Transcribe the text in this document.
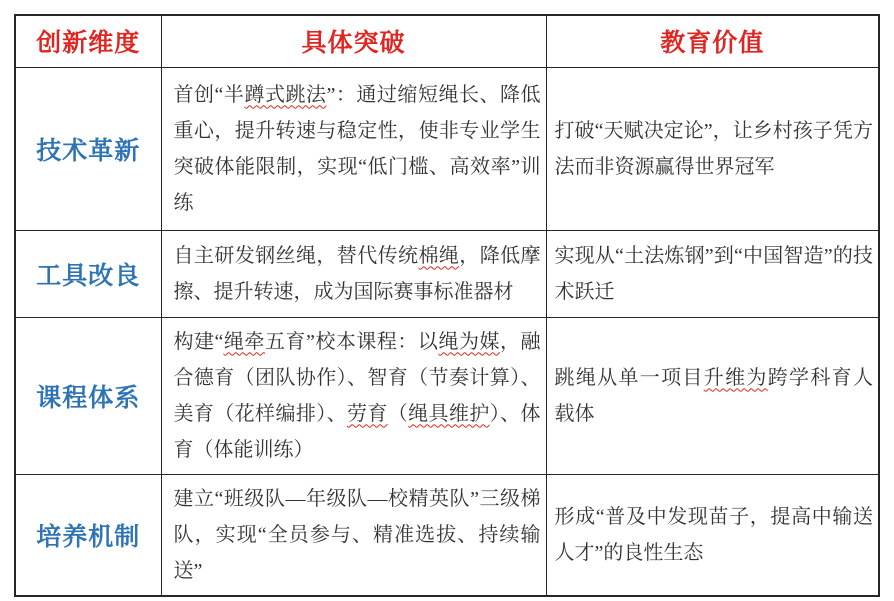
创新维度	具体突破	教育价值
技术革新	首创“半蹲式跳法”：通过缩短绳长、降低重心，提升转速与稳定性，使非专业学生突破体能限制，实现“低门槛、高效率”训练	打破“天赋决定论”，让乡村孩子凭方法而非资源赢得世界冠军
工具改良	自主研发钢丝绳，替代传统棉绳，降低摩擦、提升转速，成为国际赛事标准器材	实现从“土法炼钢”到“中国智造”的技术跃迁
课程体系	构建“绳牵五育”校本课程：以绳为媒，融合德育（团队协作）、智育（节奏计算）、美育（花样编排）、劳育（绳具维护）、体育（体能训练）	跳绳从单一项目升维为跨学科育人载体
培养机制	建立“班级队—年级队—校精英队”三级梯队，实现“全员参与、精准选拔、持续输送”	形成“普及中发现苗子，提高中输送人才”的良性生态
